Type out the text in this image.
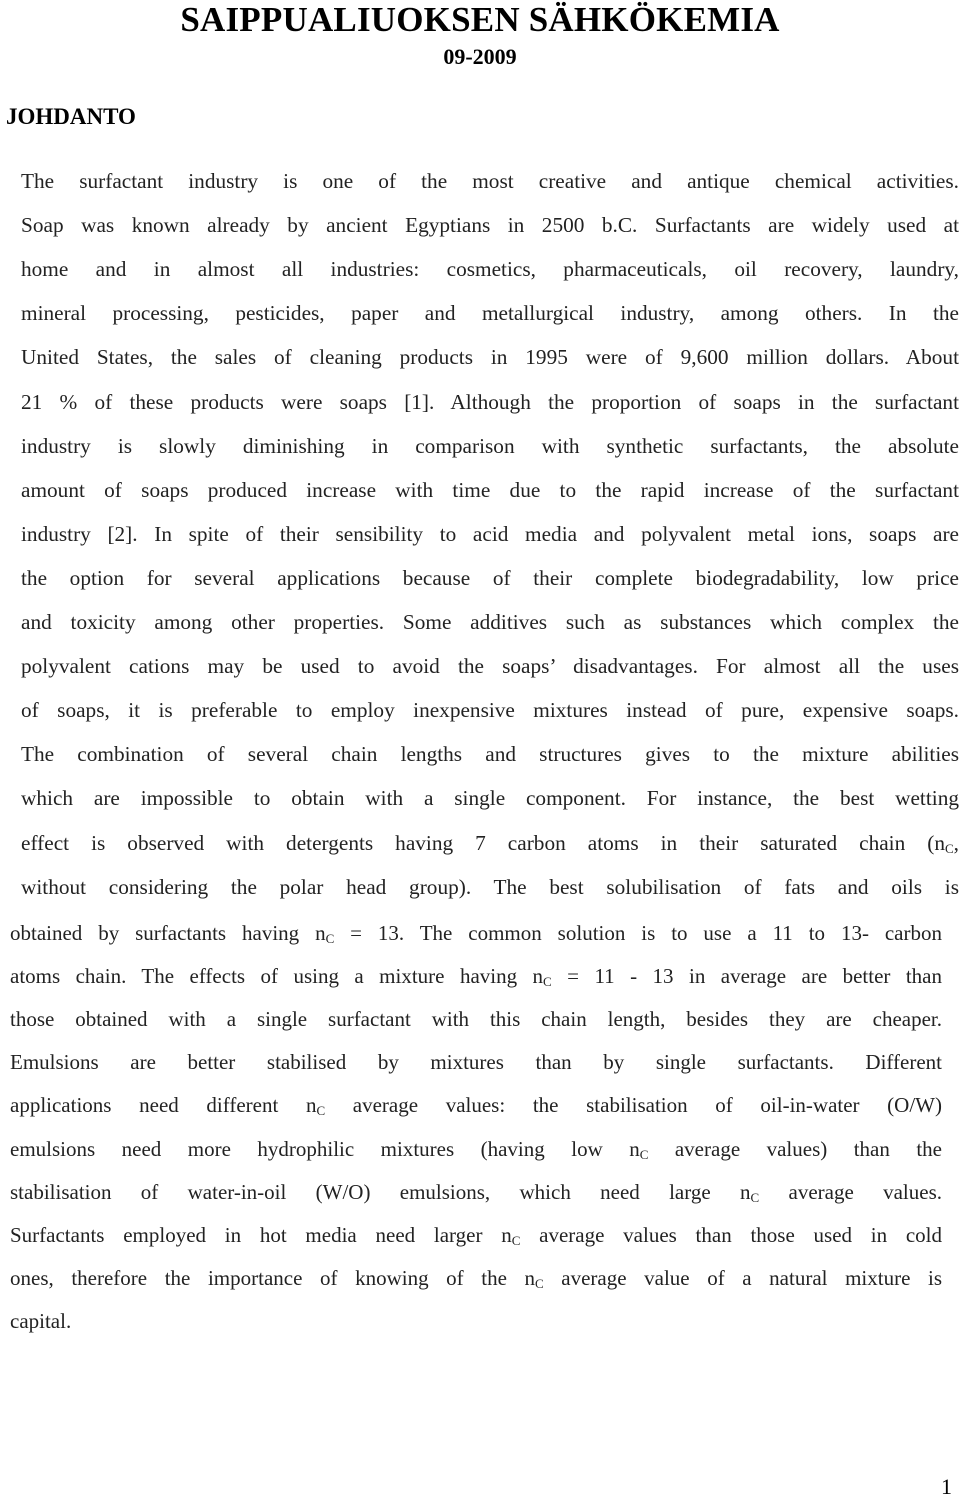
SAIPPUALIUOKSEN SÄHKÖKEMIA
09-2009
JOHDANTO
The surfactant industry is one of the most creative and antique chemical activities.
Soap was known already by ancient Egyptians in 2500 b.C. Surfactants are widely used at
home and in almost all industries: cosmetics, pharmaceuticals, oil recovery, laundry,
mineral processing, pesticides, paper and metallurgical industry, among others. In the
United States, the sales of cleaning products in 1995 were of 9,600 million dollars. About
21 % of these products were soaps [1]. Although the proportion of soaps in the surfactant
industry is slowly diminishing in comparison with synthetic surfactants, the absolute
amount of soaps produced increase with time due to the rapid increase of the surfactant
industry [2]. In spite of their sensibility to acid media and polyvalent metal ions, soaps are
the option for several applications because of their complete biodegradability, low price
and toxicity among other properties. Some additives such as substances which complex the
polyvalent cations may be used to avoid the soaps’ disadvantages. For almost all the uses
of soaps, it is preferable to employ inexpensive mixtures instead of pure, expensive soaps.
The combination of several chain lengths and structures gives to the mixture abilities
which are impossible to obtain with a single component. For instance, the best wetting
effect is observed with detergents having 7 carbon atoms in their saturated chain ($n_C$,
without considering the polar head group). The best solubilisation of fats and oils is
obtained by surfactants having $n_C = 13$. The common solution is to use a 11 to 13- carbon
atoms chain. The effects of using a mixture having $n_C = 11 - 13$ in average are better than
those obtained with a single surfactant with this chain length, besides they are cheaper.
Emulsions are better stabilised by mixtures than by single surfactants. Different
applications need different $n_C$ average values: the stabilisation of oil-in-water (O/W)
emulsions need more hydrophilic mixtures (having low $n_C$ average values) than the
stabilisation of water-in-oil (W/O) emulsions, which need large $n_C$ average values.
Surfactants employed in hot media need larger $n_C$ average values than those used in cold
ones, therefore the importance of knowing of the $n_C$ average value of a natural mixture is
capital.
1
